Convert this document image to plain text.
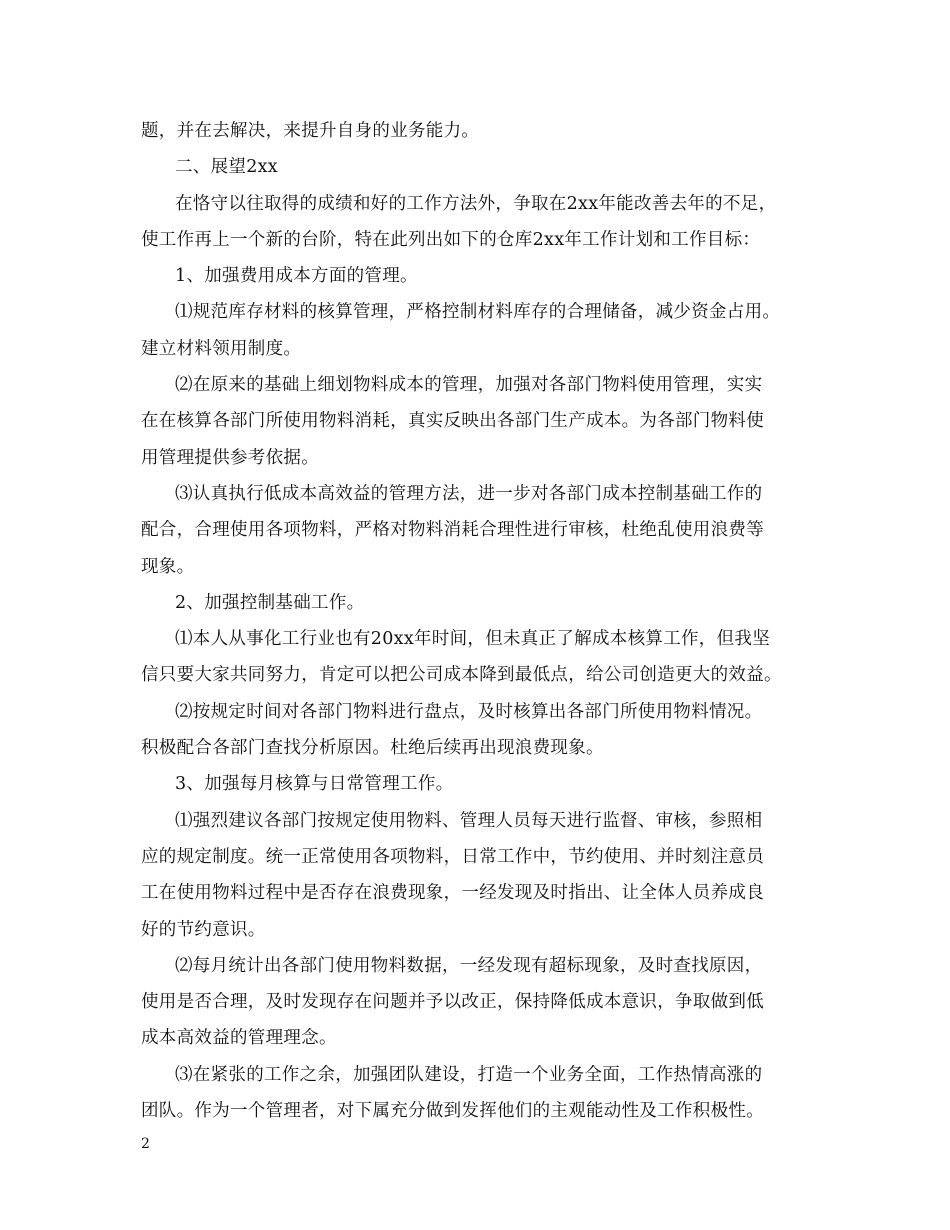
题，并在去解决，来提升自身的业务能力。
二、展望2xx
在恪守以往取得的成绩和好的工作方法外，争取在2xx年能改善去年的不足，
使工作再上一个新的台阶，特在此列出如下的仓库2xx年工作计划和工作目标：
1、加强费用成本方面的管理。
⑴规范库存材料的核算管理，严格控制材料库存的合理储备，减少资金占用。
建立材料领用制度。
⑵在原来的基础上细划物料成本的管理，加强对各部门物料使用管理，实实
在在核算各部门所使用物料消耗，真实反映出各部门生产成本。为各部门物料使
用管理提供参考依据。
⑶认真执行低成本高效益的管理方法，进一步对各部门成本控制基础工作的
配合，合理使用各项物料，严格对物料消耗合理性进行审核，杜绝乱使用浪费等
现象。
2、加强控制基础工作。
⑴本人从事化工行业也有20xx年时间，但未真正了解成本核算工作，但我坚
信只要大家共同努力，肯定可以把公司成本降到最低点，给公司创造更大的效益。
⑵按规定时间对各部门物料进行盘点，及时核算出各部门所使用物料情况。
积极配合各部门查找分析原因。杜绝后续再出现浪费现象。
3、加强每月核算与日常管理工作。
⑴强烈建议各部门按规定使用物料、管理人员每天进行监督、审核，参照相
应的规定制度。统一正常使用各项物料，日常工作中，节约使用、并时刻注意员
工在使用物料过程中是否存在浪费现象，一经发现及时指出、让全体人员养成良
好的节约意识。
⑵每月统计出各部门使用物料数据，一经发现有超标现象，及时查找原因，
使用是否合理，及时发现存在问题并予以改正，保持降低成本意识，争取做到低
成本高效益的管理理念。
⑶在紧张的工作之余，加强团队建设，打造一个业务全面，工作热情高涨的
团队。作为一个管理者，对下属充分做到发挥他们的主观能动性及工作积极性。
2
